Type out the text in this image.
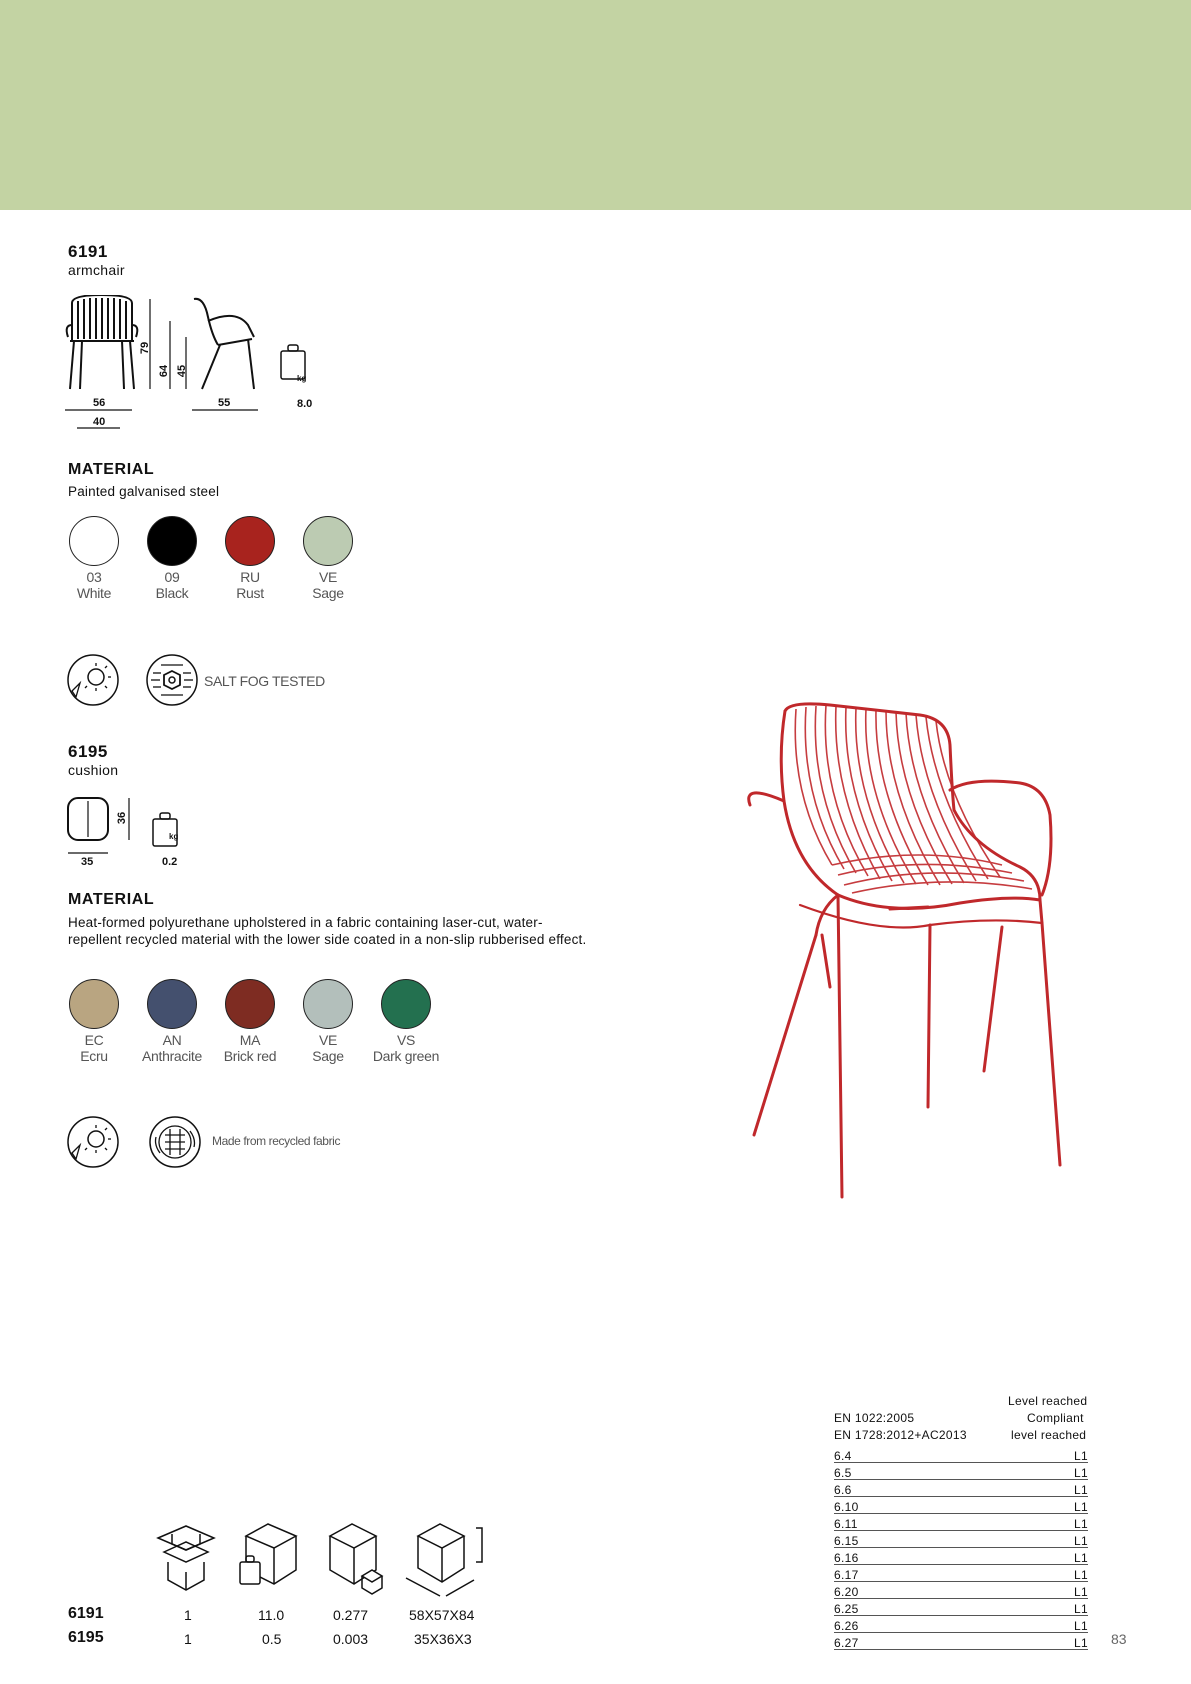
6191
armchair
79
64 45
56
40
55
kg
8.0
MATERIAL
Painted galvanised steel
03
White
09
Black
RU
Rust
VE
Sage
SALT FOG TESTED
6195
cushion
36
35
kg
0.2
MATERIAL
Heat-formed polyurethane upholstered in a fabric containing laser-cut, water-repellent recycled material with the lower side coated in a non-slip rubberised effect.
EC
Ecru
AN
Anthracite
MA
Brick red
VE
Sage
VS
Dark green
Made from recycled fabric
6191	1	11.0	0.277	58X57X84
6195	1	0.5	0.003	35X36X3
Level reached
EN 1022:2005	Compliant
EN 1728:2012+AC2013	level reached
6.4	L1
6.5	L1
6.6	L1
6.10	L1
6.11	L1
6.15	L1
6.16	L1
6.17	L1
6.20	L1
6.25	L1
6.26	L1
6.27	L1 83
